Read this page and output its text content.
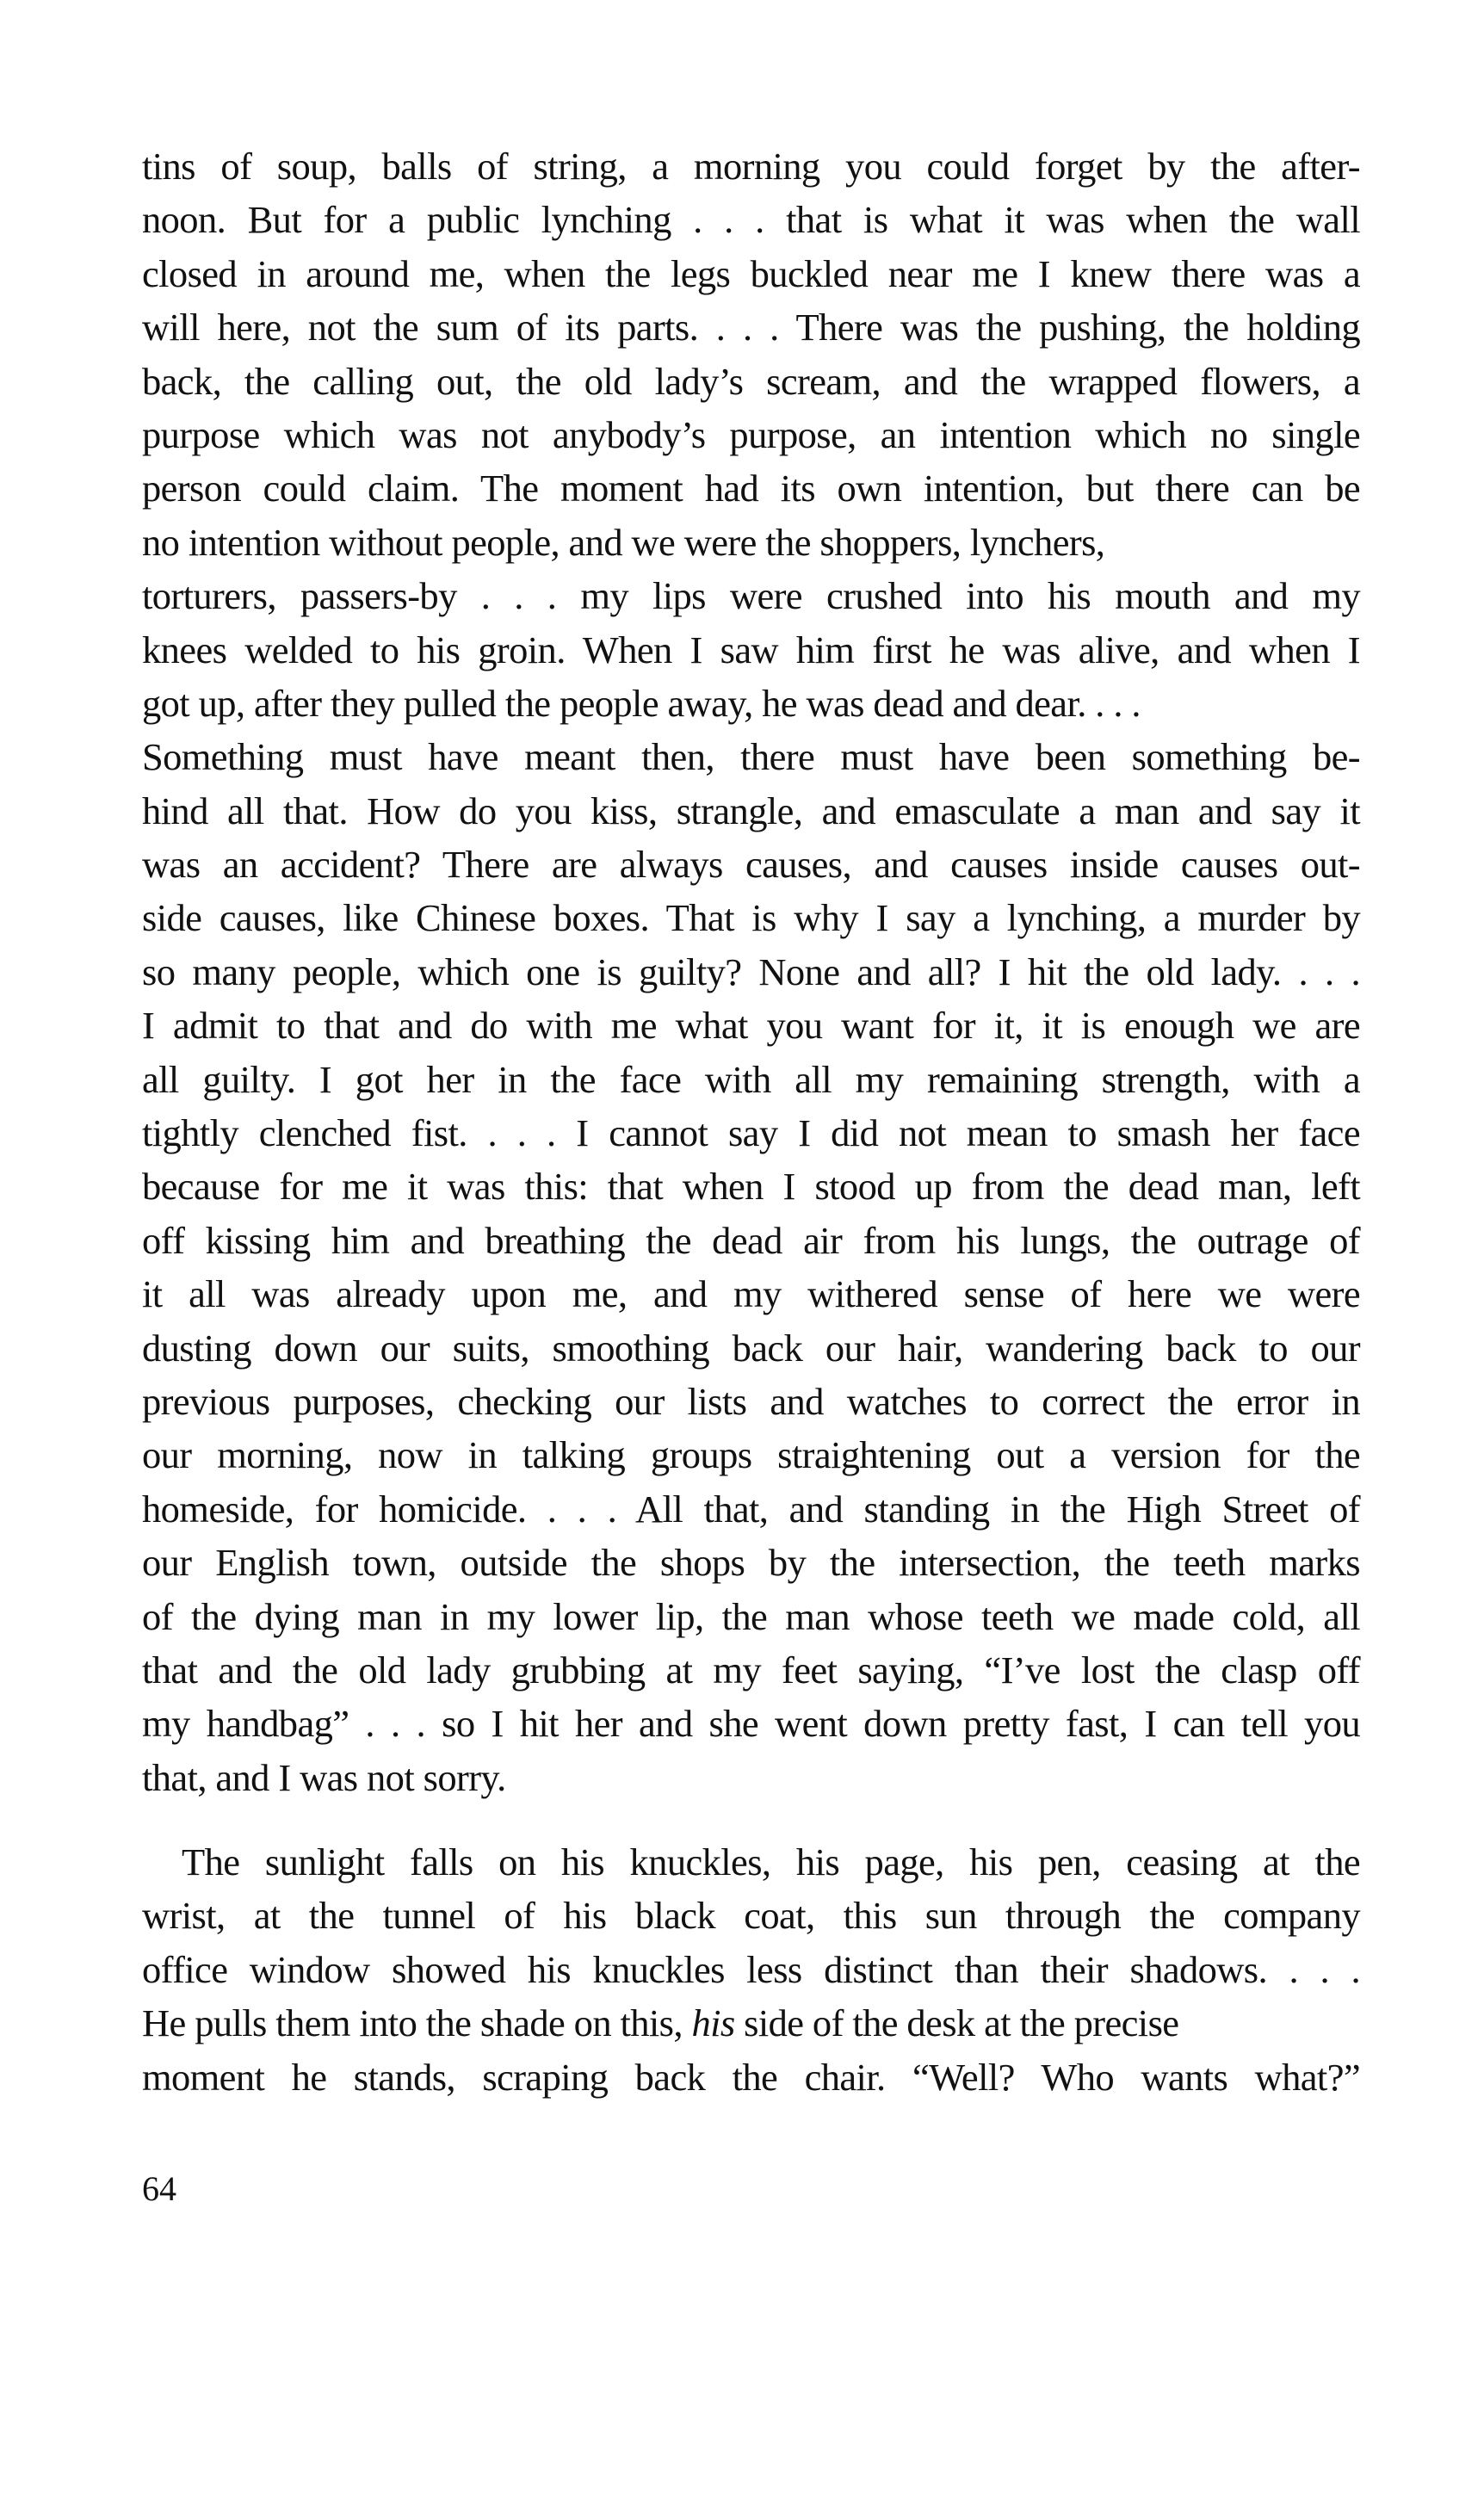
tins of soup, balls of string, a morning you could forget by the after-
noon. But for a public lynching . . . that is what it was when the wall
closed in around me, when the legs buckled near me I knew there was a
will here, not the sum of its parts. . . . There was the pushing, the holding
back, the calling out, the old lady’s scream, and the wrapped flowers, a
purpose which was not anybody’s purpose, an intention which no single
person could claim. The moment had its own intention, but there can be
no intention without people, and we were the shoppers, lynchers,
torturers, passers-by . . . my lips were crushed into his mouth and my
knees welded to his groin. When I saw him first he was alive, and when I
got up, after they pulled the people away, he was dead and dear. . . .
Something must have meant then, there must have been something be-
hind all that. How do you kiss, strangle, and emasculate a man and say it
was an accident? There are always causes, and causes inside causes out-
side causes, like Chinese boxes. That is why I say a lynching, a murder by
so many people, which one is guilty? None and all? I hit the old lady. . . .
I admit to that and do with me what you want for it, it is enough we are
all guilty. I got her in the face with all my remaining strength, with a
tightly clenched fist. . . . I cannot say I did not mean to smash her face
because for me it was this: that when I stood up from the dead man, left
off kissing him and breathing the dead air from his lungs, the outrage of
it all was already upon me, and my withered sense of here we were
dusting down our suits, smoothing back our hair, wandering back to our
previous purposes, checking our lists and watches to correct the error in
our morning, now in talking groups straightening out a version for the
homeside, for homicide. . . . All that, and standing in the High Street of
our English town, outside the shops by the intersection, the teeth marks
of the dying man in my lower lip, the man whose teeth we made cold, all
that and the old lady grubbing at my feet saying, “I’ve lost the clasp off
my handbag” . . . so I hit her and she went down pretty fast, I can tell you
that, and I was not sorry.
The sunlight falls on his knuckles, his page, his pen, ceasing at the
wrist, at the tunnel of his black coat, this sun through the company
office window showed his knuckles less distinct than their shadows. . . .
He pulls them into the shade on this, his side of the desk at the precise
moment he stands, scraping back the chair. “Well? Who wants what?”
64
